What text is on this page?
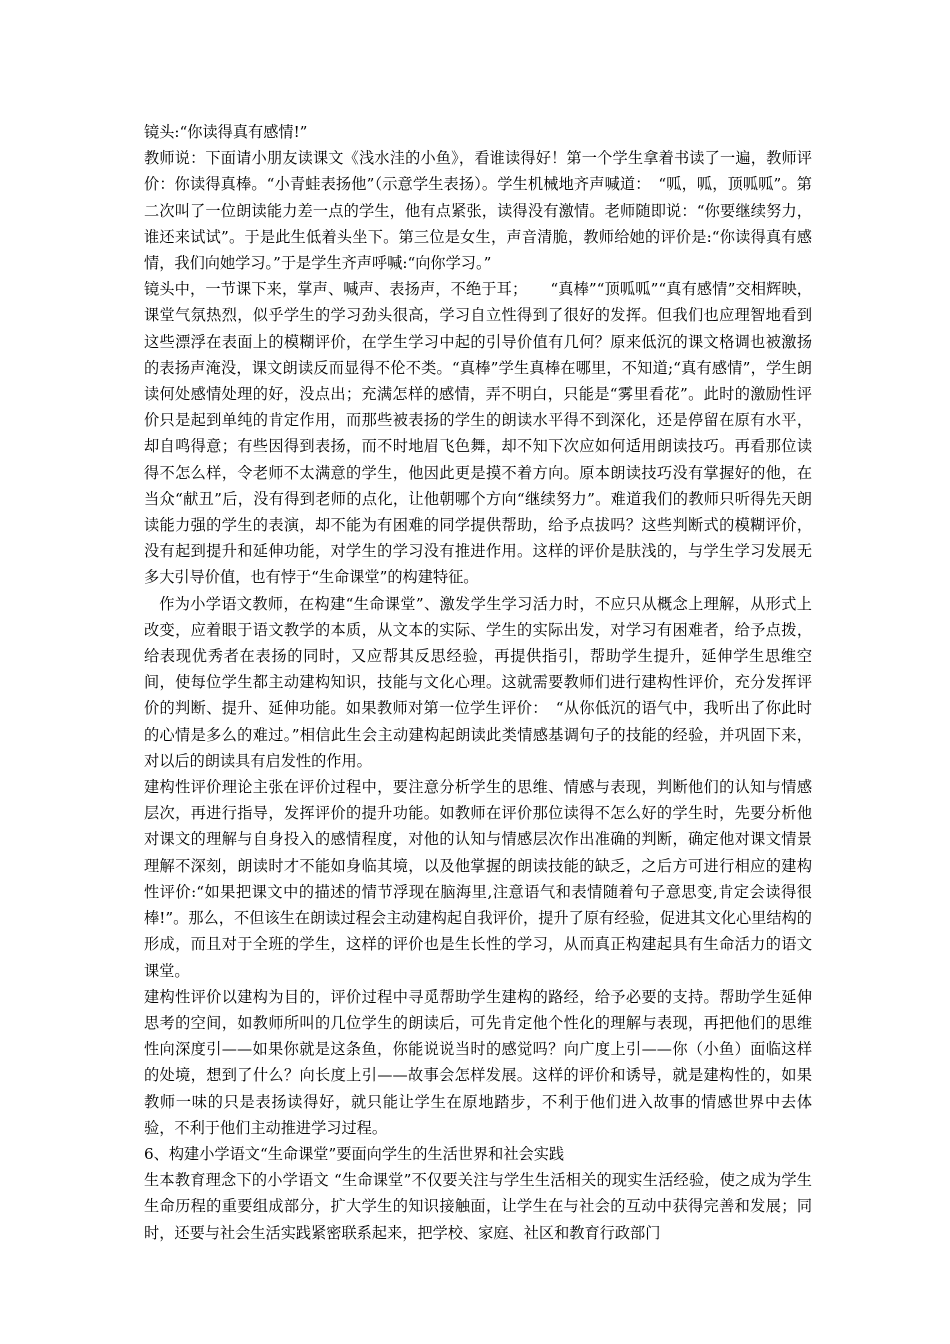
镜头:“你读得真有感情!”

教师说：下面请小朋友读课文《浅水洼的小鱼》，看谁读得好！第一个学生拿着书读了一遍，教师评价：你读得真棒。“小青蛙表扬他”（示意学生表扬）。学生机械地齐声喊道：　“呱，呱，顶呱呱”。第二次叫了一位朗读能力差一点的学生，他有点紧张，读得没有激情。老师随即说：“你要继续努力，谁还来试试”。于是此生低着头坐下。第三位是女生，声音清脆，教师给她的评价是:“你读得真有感情，我们向她学习。”于是学生齐声呼喊:“向你学习。”

镜头中，一节课下来，掌声、喊声、表扬声，不绝于耳；　　“真棒”“顶呱呱”“真有感情”交相辉映，课堂气氛热烈，似乎学生的学习劲头很高，学习自立性得到了很好的发挥。但我们也应理智地看到这些漂浮在表面上的模糊评价，在学生学习中起的引导价值有几何？原来低沉的课文格调也被激扬的表扬声淹没，课文朗读反而显得不伦不类。“真棒”学生真棒在哪里，不知道;“真有感情”，学生朗读何处感情处理的好，没点出；充满怎样的感情，弄不明白，只能是“雾里看花”。此时的激励性评价只是起到单纯的肯定作用，而那些被表扬的学生的朗读水平得不到深化，还是停留在原有水平，却自鸣得意；有些因得到表扬，而不时地眉飞色舞，却不知下次应如何适用朗读技巧。再看那位读得不怎么样，令老师不太满意的学生，他因此更是摸不着方向。原本朗读技巧没有掌握好的他，在当众“献丑”后，没有得到老师的点化，让他朝哪个方向“继续努力”。难道我们的教师只听得先天朗读能力强的学生的表演，却不能为有困难的同学提供帮助，给予点拔吗？这些判断式的模糊评价，没有起到提升和延伸功能，对学生的学习没有推进作用。这样的评价是肤浅的，与学生学习发展无多大引导价值，也有悖于“生命课堂”的构建特征。

作为小学语文教师，在构建“生命课堂”、激发学生学习活力时，不应只从概念上理解，从形式上改变，应着眼于语文教学的本质，从文本的实际、学生的实际出发，对学习有困难者，给予点拨，给表现优秀者在表扬的同时，又应帮其反思经验，再提供指引，帮助学生提升，延伸学生思维空间，使每位学生都主动建构知识，技能与文化心理。这就需要教师们进行建构性评价，充分发挥评价的判断、提升、延伸功能。如果教师对第一位学生评价：　“从你低沉的语气中，我听出了你此时的心情是多么的难过。”相信此生会主动建构起朗读此类情感基调句子的技能的经验，并巩固下来，对以后的朗读具有启发性的作用。

建构性评价理论主张在评价过程中，要注意分析学生的思维、情感与表现，判断他们的认知与情感层次，再进行指导，发挥评价的提升功能。如教师在评价那位读得不怎么好的学生时，先要分析他对课文的理解与自身投入的感情程度，对他的认知与情感层次作出准确的判断，确定他对课文情景理解不深刻，朗读时才不能如身临其境，以及他掌握的朗读技能的缺乏，之后方可进行相应的建构性评价:“如果把课文中的描述的情节浮现在脑海里,注意语气和表情随着句子意思变,肯定会读得很棒!”。那么，不但该生在朗读过程会主动建构起自我评价，提升了原有经验，促进其文化心里结构的形成，而且对于全班的学生，这样的评价也是生长性的学习，从而真正构建起具有生命活力的语文课堂。

建构性评价以建构为目的，评价过程中寻觅帮助学生建构的路经，给予必要的支持。帮助学生延伸思考的空间，如教师所叫的几位学生的朗读后，可先肯定他个性化的理解与表现，再把他们的思维性向深度引——如果你就是这条鱼，你能说说当时的感觉吗？向广度上引——你（小鱼）面临这样的处境，想到了什么？向长度上引——故事会怎样发展。这样的评价和诱导，就是建构性的，如果教师一味的只是表扬读得好，就只能让学生在原地踏步，不利于他们进入故事的情感世界中去体验，不利于他们主动推进学习过程。

6、构建小学语文“生命课堂”要面向学生的生活世界和社会实践

生本教育理念下的小学语文 “生命课堂”不仅要关注与学生生活相关的现实生活经验，使之成为学生生命历程的重要组成部分，扩大学生的知识接触面，让学生在与社会的互动中获得完善和发展；同时，还要与社会生活实践紧密联系起来，把学校、家庭、社区和教育行政部门
